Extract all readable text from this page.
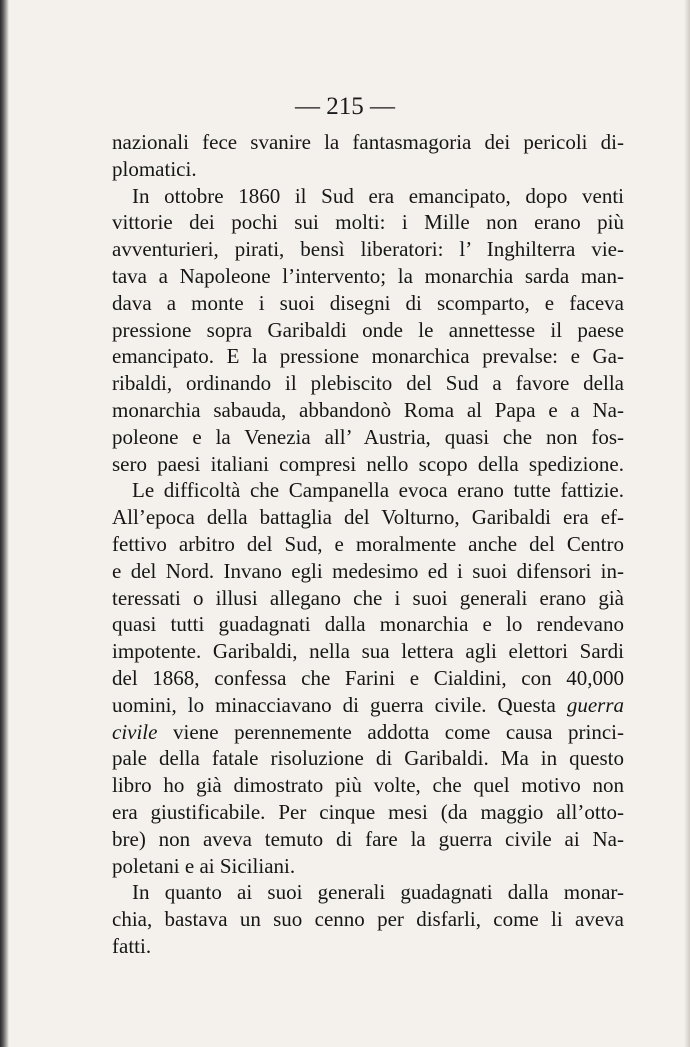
— 215 —
nazionali fece svanire la fantasmagoria dei pericoli di-
plomatici.
In ottobre 1860 il Sud era emancipato, dopo venti
vittorie dei pochi sui molti: i Mille non erano più
avventurieri, pirati, bensì liberatori: l’ Inghilterra vie-
tava a Napoleone l’intervento; la monarchia sarda man-
dava a monte i suoi disegni di scomparto, e faceva
pressione sopra Garibaldi onde le annettesse il paese
emancipato. E la pressione monarchica prevalse: e Ga-
ribaldi, ordinando il plebiscito del Sud a favore della
monarchia sabauda, abbandonò Roma al Papa e a Na-
poleone e la Venezia all’ Austria, quasi che non fos-
sero paesi italiani compresi nello scopo della spedizione.
Le difficoltà che Campanella evoca erano tutte fattizie.
All’epoca della battaglia del Volturno, Garibaldi era ef-
fettivo arbitro del Sud, e moralmente anche del Centro
e del Nord. Invano egli medesimo ed i suoi difensori in-
teressati o illusi allegano che i suoi generali erano già
quasi tutti guadagnati dalla monarchia e lo rendevano
impotente. Garibaldi, nella sua lettera agli elettori Sardi
del 1868, confessa che Farini e Cialdini, con 40,000
uomini, lo minacciavano di guerra civile. Questa guerra
civile viene perennemente addotta come causa princi-
pale della fatale risoluzione di Garibaldi. Ma in questo
libro ho già dimostrato più volte, che quel motivo non
era giustificabile. Per cinque mesi (da maggio all’otto-
bre) non aveva temuto di fare la guerra civile ai Na-
poletani e ai Siciliani.
In quanto ai suoi generali guadagnati dalla monar-
chia, bastava un suo cenno per disfarli, come li aveva
fatti.
